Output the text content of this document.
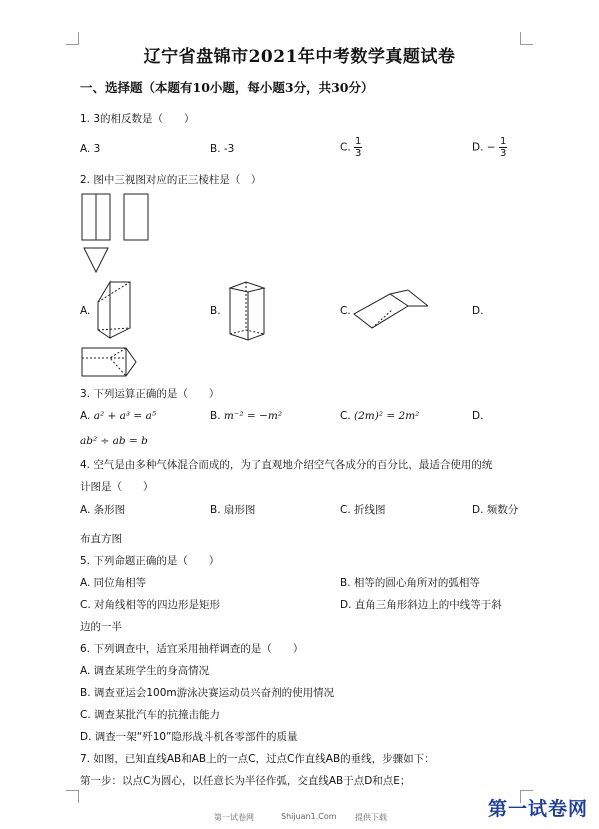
辽宁省盘锦市2021年中考数学真题试卷
一、选择题（本题有10小题，每小题3分，共30分）
1. 3的相反数是（　　）
A. 3	B. -3	C. $\frac{1}{3}$	D. − $\frac{1}{3}$
2. 图中三视图对应的正三棱柱是（　）
A.	B.	C.	D.
3. 下列运算正确的是（　　）
A. a² + a³ = a⁵	B. m⁻² = −m²	C. (2m)² = 2m²	D.
ab² ÷ ab = b
4. 空气是由多种气体混合而成的，为了直观地介绍空气各成分的百分比，最适合使用的统
计图是（　　）
A. 条形图	B. 扇形图	C. 折线图	D. 频数分
布直方图
5. 下列命题正确的是（　　）
A. 同位角相等	B. 相等的圆心角所对的弧相等
C. 对角线相等的四边形是矩形	D. 直角三角形斜边上的中线等于斜
边的一半
6. 下列调查中，适宜采用抽样调查的是（　　）
A. 调查某班学生的身高情况
B. 调查亚运会100m游泳决赛运动员兴奋剂的使用情况
C. 调查某批汽车的抗撞击能力
D. 调查一架“歼10”隐形战斗机各零部件的质量
7. 如图，已知直线AB和AB上的一点C，过点C作直线AB的垂线，步骤如下：
第一步：以点C为圆心，以任意长为半径作弧，交直线AB于点D和点E；
第一试卷网	Shijuan1.Com 提供下载	第一试卷网
